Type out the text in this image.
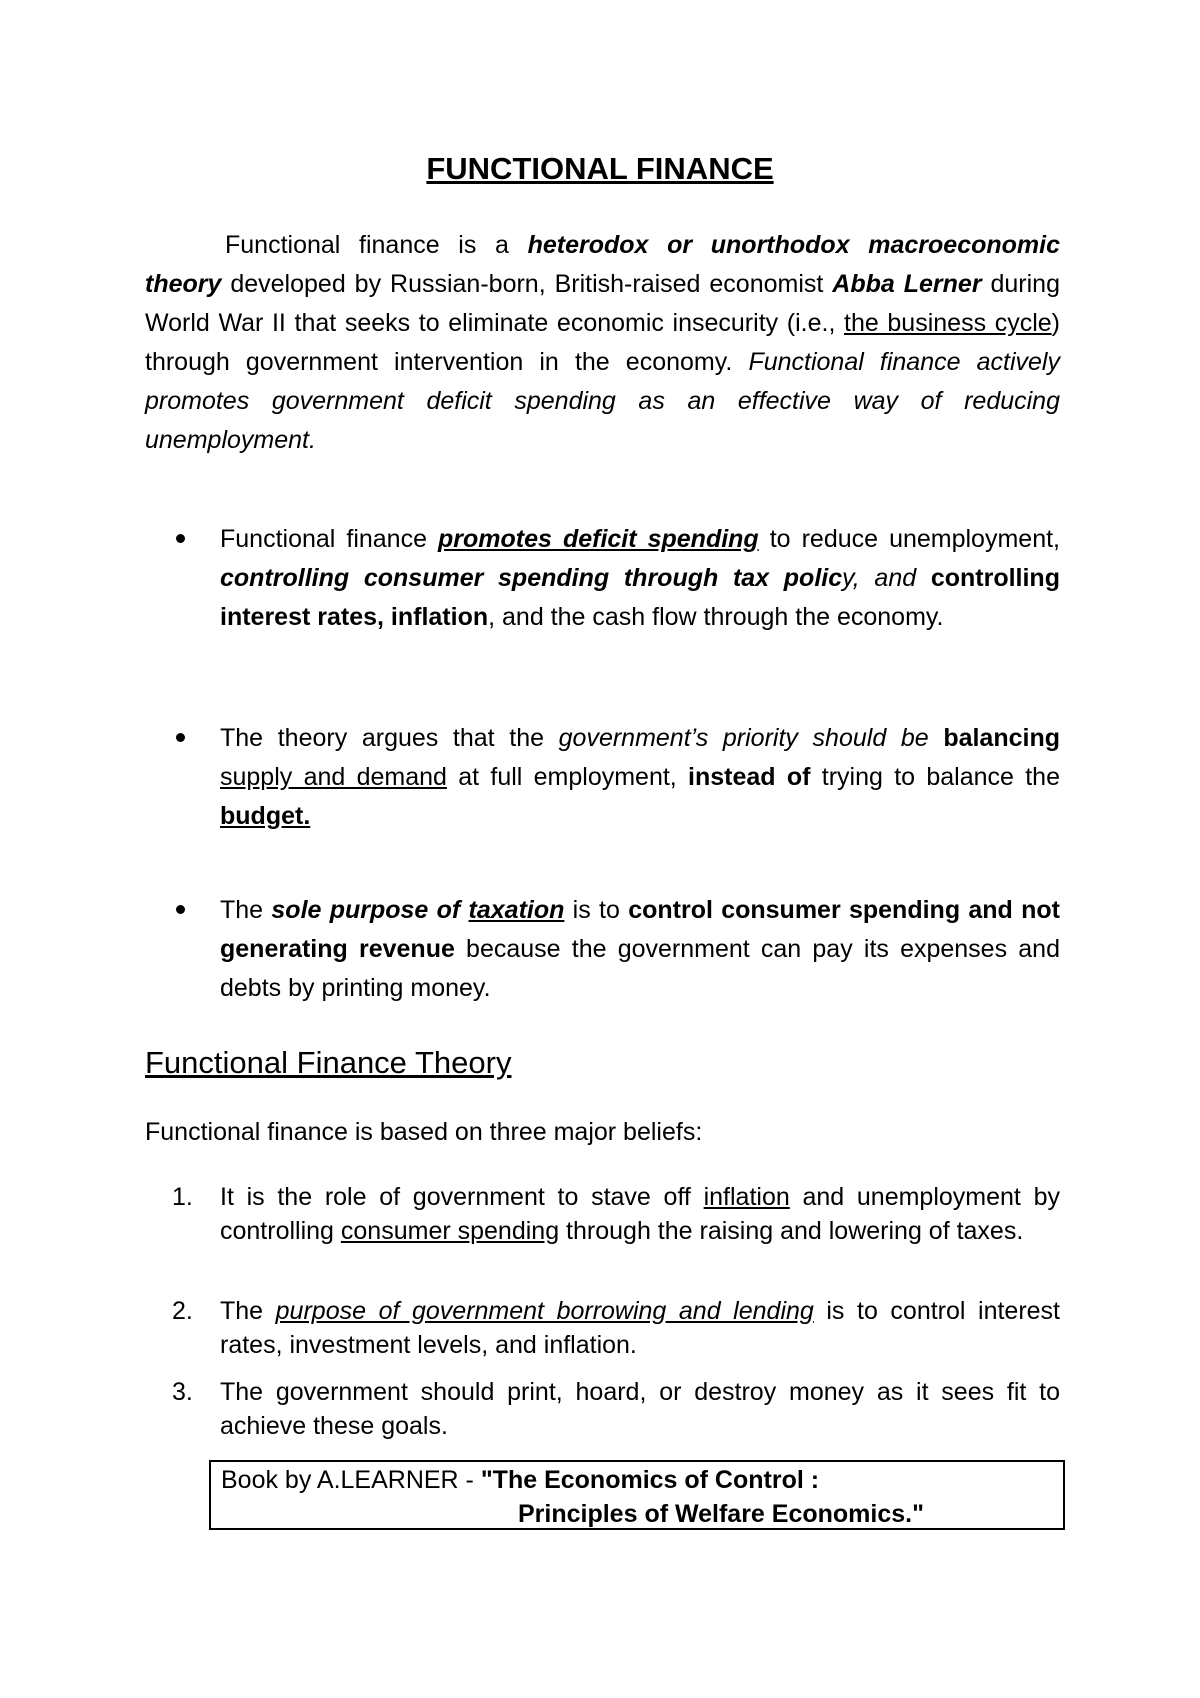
FUNCTIONAL FINANCE
Functional finance is a heterodox or unorthodox macroeconomic theory developed by Russian-born, British-raised economist Abba Lerner during World War II that seeks to eliminate economic insecurity (i.e., the business cycle) through government intervention in the economy. Functional finance actively promotes government deficit spending as an effective way of reducing unemployment.
Functional finance promotes deficit spending to reduce unemployment, controlling consumer spending through tax policy, and controlling interest rates, inflation, and the cash flow through the economy.
The theory argues that the government’s priority should be balancing supply and demand at full employment, instead of trying to balance the budget.
The sole purpose of taxation is to control consumer spending and not generating revenue because the government can pay its expenses and debts by printing money.
Functional Finance Theory
Functional finance is based on three major beliefs:
1. It is the role of government to stave off inflation and unemployment by controlling consumer spending through the raising and lowering of taxes.
2. The purpose of government borrowing and lending is to control interest rates, investment levels, and inflation.
3. The government should print, hoard, or destroy money as it sees fit to achieve these goals.
Book by A.LEARNER - "The Economics of Control :
Principles of Welfare Economics."
